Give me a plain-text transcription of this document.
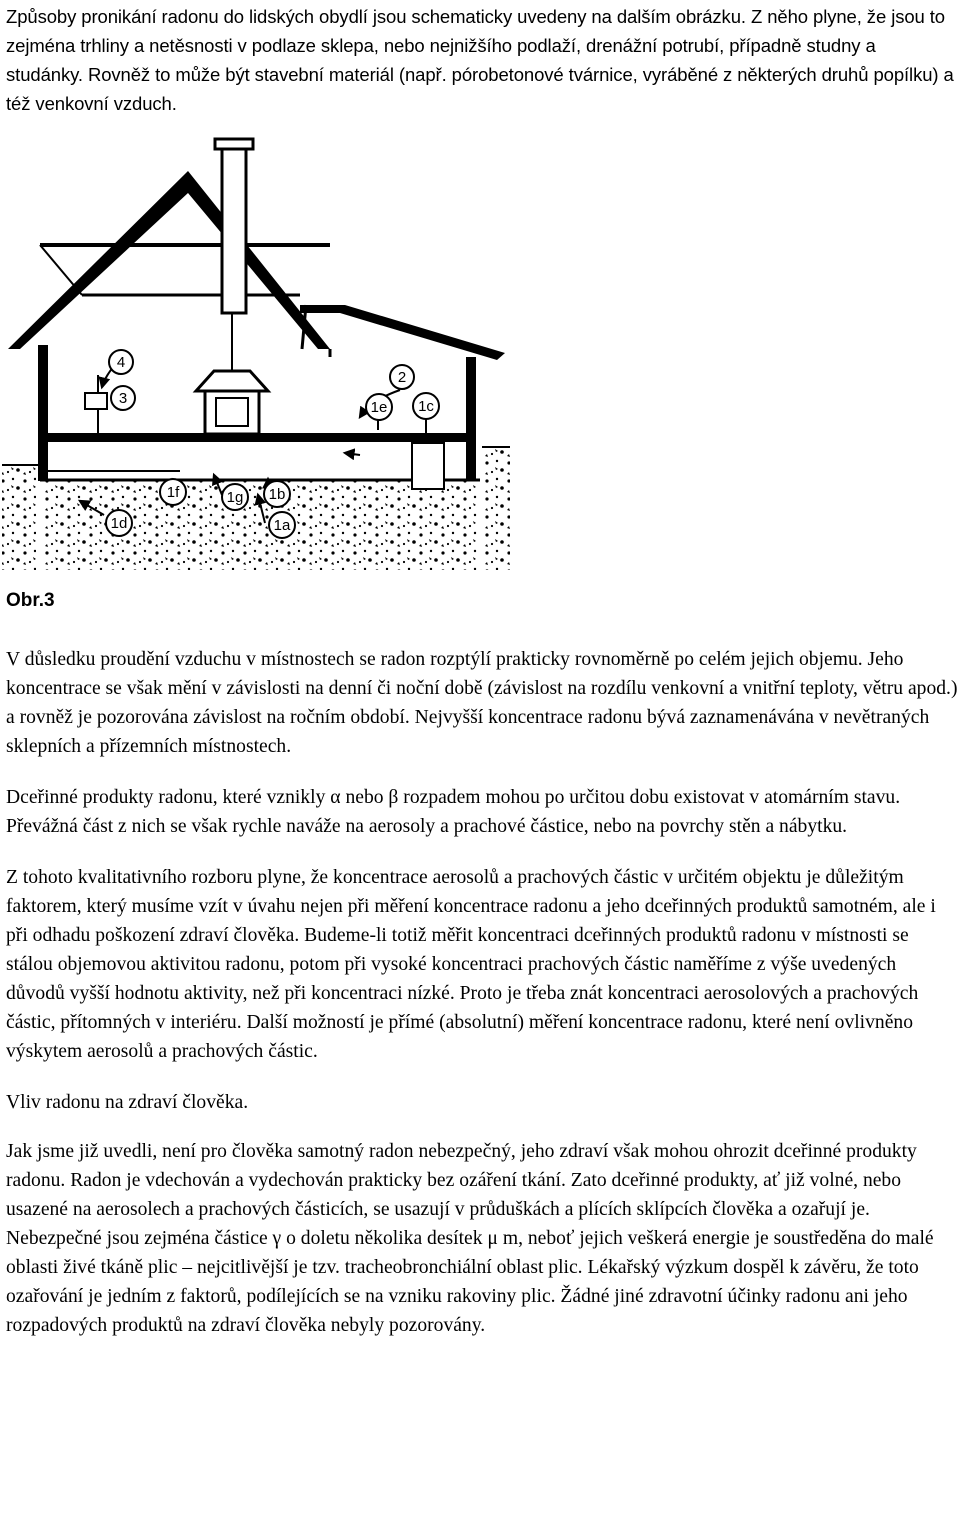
Způsoby pronikání radonu do lidských obydlí jsou schematicky uvedeny na dalším obrázku. Z něho plyne, že jsou to zejména trhliny a netěsnosti v podlaze sklepa, nebo nejnižšího podlaží, drenážní potrubí, případně studny a studánky. Rovněž to může být stavební materiál (např. pórobetonové tvárnice, vyráběné z některých druhů popílku) a též venkovní vzduch.

4
3
2
1e 1c
1f	1g 1b
1d	1a
Obr.3

V důsledku proudění vzduchu v místnostech se radon rozptýlí prakticky rovnoměrně po celém jejich objemu. Jeho koncentrace se však mění v závislosti na denní či noční době (závislost na rozdílu venkovní a vnitřní teploty, větru apod.) a rovněž je pozorována závislost na ročním období. Nejvyšší koncentrace radonu bývá zaznamenávána v nevětraných sklepních a přízemních místnostech.

Dceřinné produkty radonu, které vznikly α nebo β rozpadem mohou po určitou dobu existovat v atomárním stavu. Převážná část z nich se však rychle naváže na aerosoly a prachové částice, nebo na povrchy stěn a nábytku.

Z tohoto kvalitativního rozboru plyne, že koncentrace aerosolů a prachových částic v určitém objektu je důležitým faktorem, který musíme vzít v úvahu nejen při měření koncentrace radonu a jeho dceřinných produktů samotném, ale i při odhadu poškození zdraví člověka. Budeme-li totiž měřit koncentraci dceřinných produktů radonu v místnosti se stálou objemovou aktivitou radonu, potom při vysoké koncentraci prachových částic naměříme z výše uvedených důvodů vyšší hodnotu aktivity, než při koncentraci nízké. Proto je třeba znát koncentraci aerosolových a prachových částic, přítomných v interiéru. Další možností je přímé (absolutní) měření koncentrace radonu, které není ovlivněno výskytem aerosolů a prachových částic.

Vliv radonu na zdraví člověka.

Jak jsme již uvedli, není pro člověka samotný radon nebezpečný, jeho zdraví však mohou ohrozit dceřinné produkty radonu. Radon je vdechován a vydechován prakticky bez ozáření tkání. Zato dceřinné produkty, ať již volné, nebo usazené na aerosolech a prachových částicích, se usazují v průduškách a plících sklípcích člověka a ozařují je. Nebezpečné jsou zejména částice γ o doletu několika desítek μ m, neboť jejich veškerá energie je soustředěna do malé oblasti živé tkáně plic – nejcitlivější je tzv. tracheobronchiální oblast plic. Lékařský výzkum dospěl k závěru, že toto ozařování je jedním z faktorů, podílejících se na vzniku rakoviny plic. Žádné jiné zdravotní účinky radonu ani jeho rozpadových produktů na zdraví člověka nebyly pozorovány.
